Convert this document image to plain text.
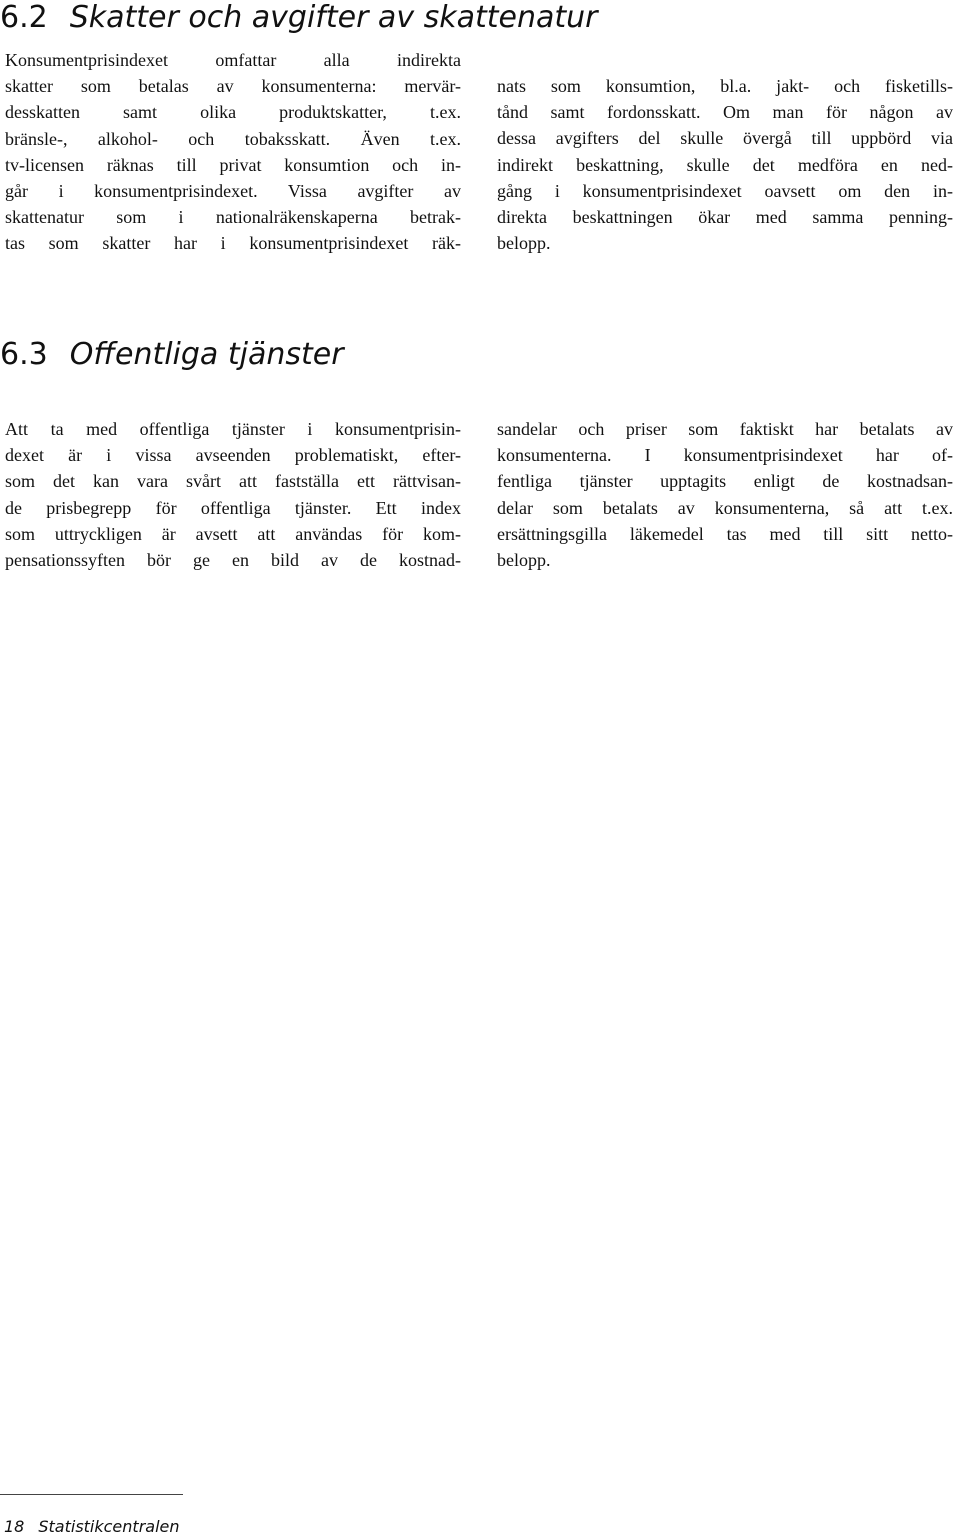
6.2 Skatter och avgifter av skattenatur
Konsumentprisindexet omfattar alla indirekta
skatter som betalas av konsumenterna: mervär-
desskatten samt olika produktskatter, t.ex.
bränsle-, alkohol- och tobaksskatt. Även t.ex.
tv-licensen räknas till privat konsumtion och in-
går i konsumentprisindexet. Vissa avgifter av
skattenatur som i nationalräkenskaperna betrak-
tas som skatter har i konsumentprisindexet räk-
nats som konsumtion, bl.a. jakt- och fisketills-
tånd samt fordonsskatt. Om man för någon av
dessa avgifters del skulle övergå till uppbörd via
indirekt beskattning, skulle det medföra en ned-
gång i konsumentprisindexet oavsett om den in-
direkta beskattningen ökar med samma penning-
belopp.
6.3 Offentliga tjänster
Att ta med offentliga tjänster i konsumentprisin-
dexet är i vissa avseenden problematiskt, efter-
som det kan vara svårt att fastställa ett rättvisan-
de prisbegrepp för offentliga tjänster. Ett index
som uttryckligen är avsett att användas för kom-
pensationssyften bör ge en bild av de kostnad-
sandelar och priser som faktiskt har betalats av
konsumenterna. I konsumentprisindexet har of-
fentliga tjänster upptagits enligt de kostnadsan-
delar som betalats av konsumenterna, så att t.ex.
ersättningsgilla läkemedel tas med till sitt netto-
belopp.
18 Statistikcentralen
